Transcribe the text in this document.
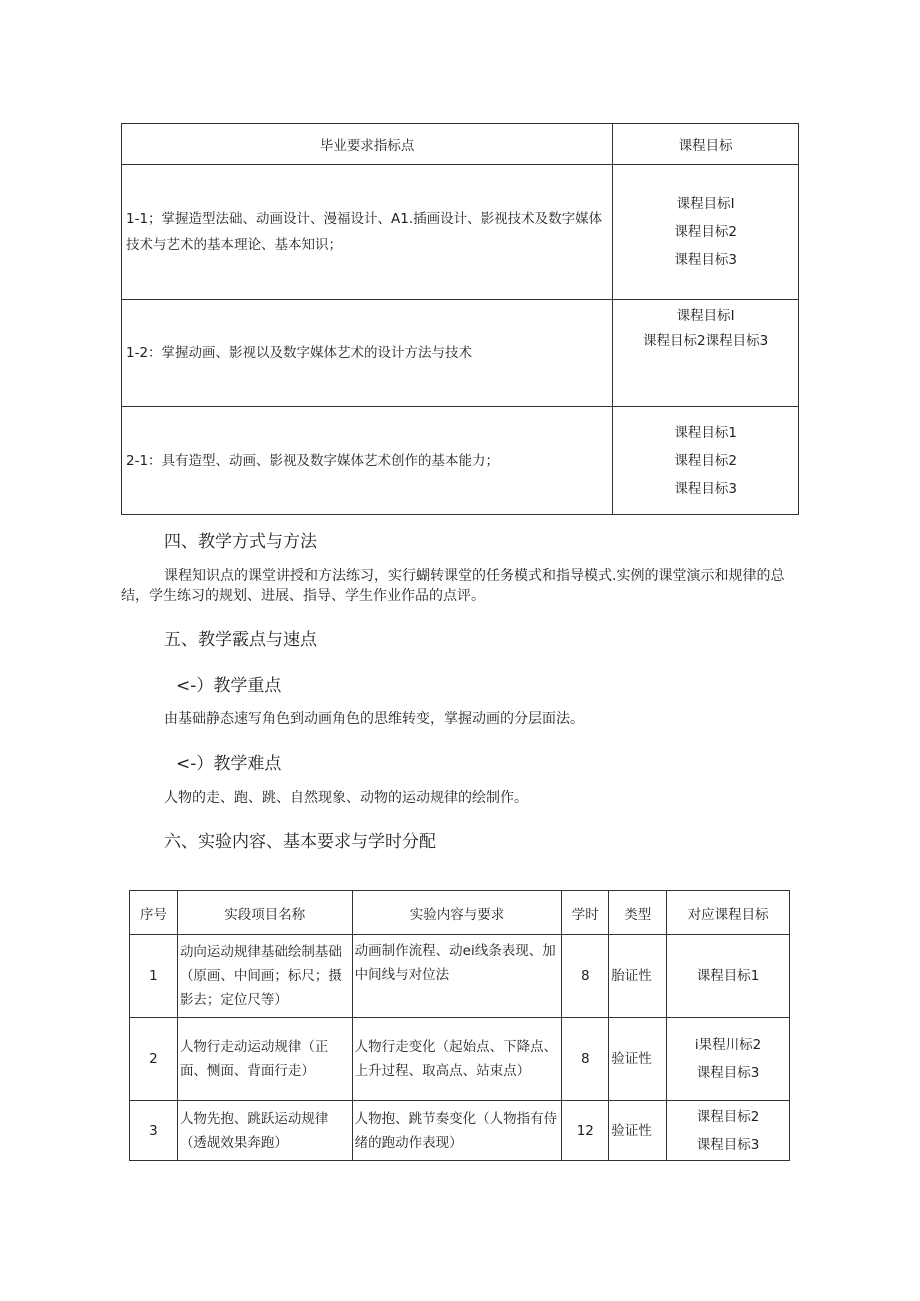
毕业要求指标点	课程目标
1-1；掌握造型法础、动画设计、漫福设计、A1.插画设计、影视技术及数字媒体技术与艺术的基本理论、基本知识；	课程目标I
课程目标2
课程目标3

1-2：掌握动画、影视以及数字媒体艺术的设计方法与技术	课程目标I
课程目标2课程目标3

2-1：具有造型、动画、影视及数字媒体艺术创作的基本能力；	课程目标1
课程目标2
课程目标3
四、教学方式与方法

课程知识点的课堂讲授和方法练习，实行蝴转课堂的任务模式和指导模式.实例的课堂演示和规律的总结，学生练习的规划、进展、指导、学生作业作品的点评。

五、教学霰点与速点
<-）教学重点

由基础静态速写角色到动画角色的思维转变，掌握动画的分层面法。

<-）教学难点

人物的走、跑、跳、自然现象、动物的运动规律的绘制作。

六、实验内容、基本要求与学时分配
序号	实段项目名称	实验内容与要求	学时	类型	对应课程目标
1	动向运动规律基础绘制基础（原画、中间画；标尺；摄影去；定位尺等）	动画制作流程、动ei线条表现、加中间线与对位法	8	胎证性	课程目标1

2	人物行走动运动规律（正面、恻面、背面行走）	人物行走变化（起始点、下降点、上升过程、取高点、站束点）	8	验证性	i果程川标2
课程目标3

3	人物先抱、跳跃运动规律（透觇效果奔跑）	人物抱、跳节奏变化（人物指有侍绪的跑动作表现）	12	验证性	课程目标2
课程目标3
